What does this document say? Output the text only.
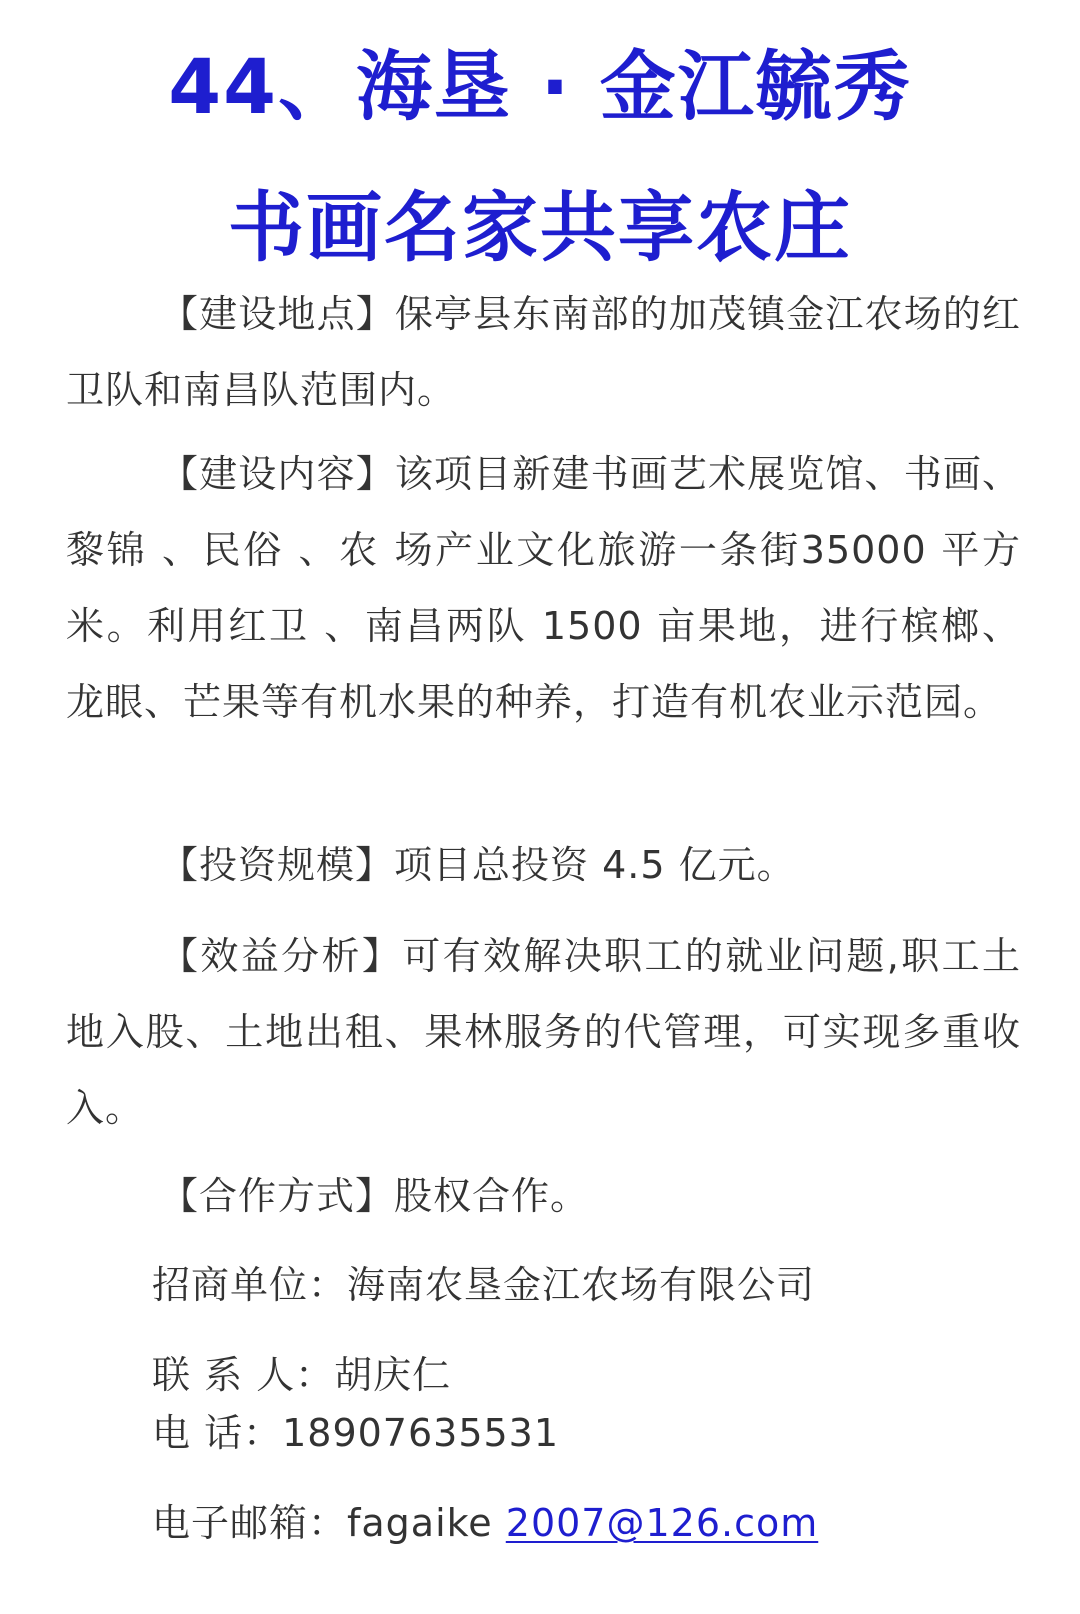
44、海垦 · 金江毓秀
书画名家共享农庄
【建设地点】保亭县东南部的加茂镇金江农场的红卫队和南昌队范围内。
【建设内容】该项目新建书画艺术展览馆、书画、黎锦 、民俗 、农 场产业文化旅游一条街35000 平方米。利用红卫 、南昌两队 1500 亩果地，进行槟榔、龙眼、芒果等有机水果的种养，打造有机农业示范园。
【投资规模】项目总投资 4.5 亿元。
【效益分析】可有效解决职工的就业问题,职工土地入股、土地出租、果林服务的代管理，可实现多重收入。
【合作方式】股权合作。
招商单位：海南农垦金江农场有限公司
联 系 人：胡庆仁
电 话：18907635531
电子邮箱：fagaike 2007@126.com
